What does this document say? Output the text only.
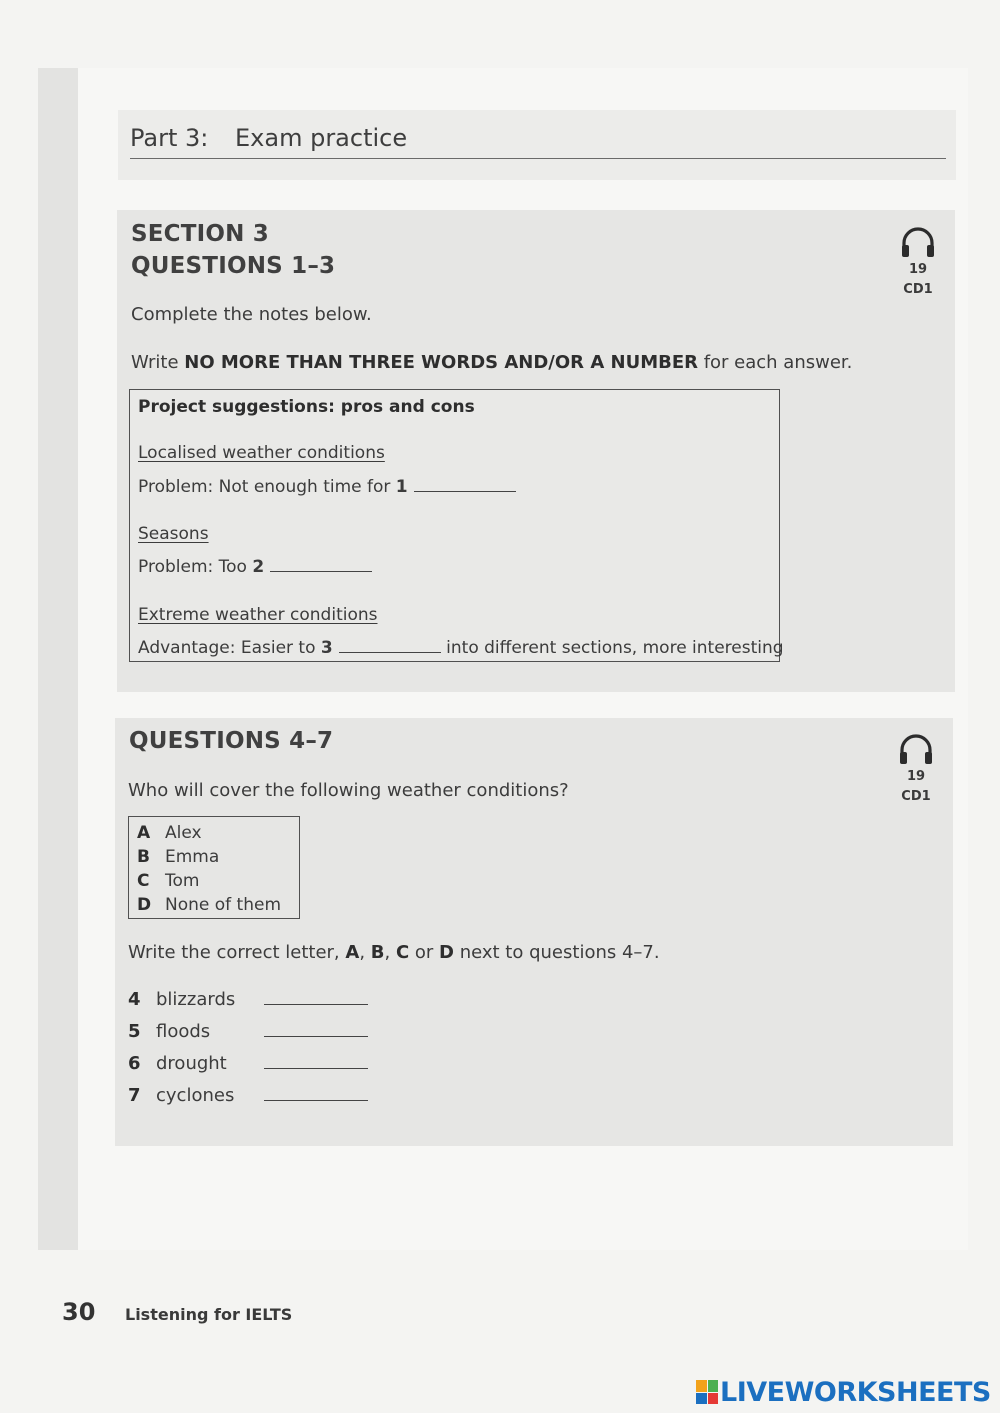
Part 3: Exam practice
SECTION 3
QUESTIONS 1–3	19
CD1
Complete the notes below.
Write NO MORE THAN THREE WORDS AND/OR A NUMBER for each answer.
Project suggestions: pros and cons
Localised weather conditions
Problem: Not enough time for 1
Seasons
Problem: Too 2
Extreme weather conditions
Advantage: Easier to 3	into different sections, more interesting
QUESTIONS 4–7
19
CD1
Who will cover the following weather conditions?
A Alex
B Emma
C Tom
D None of them
Write the correct letter, A, B, C or D next to questions 4–7.
4 blizzards
5 floods
6 drought
7 cyclones
30 Listening for IELTS
LIVEWORKSHEETS
